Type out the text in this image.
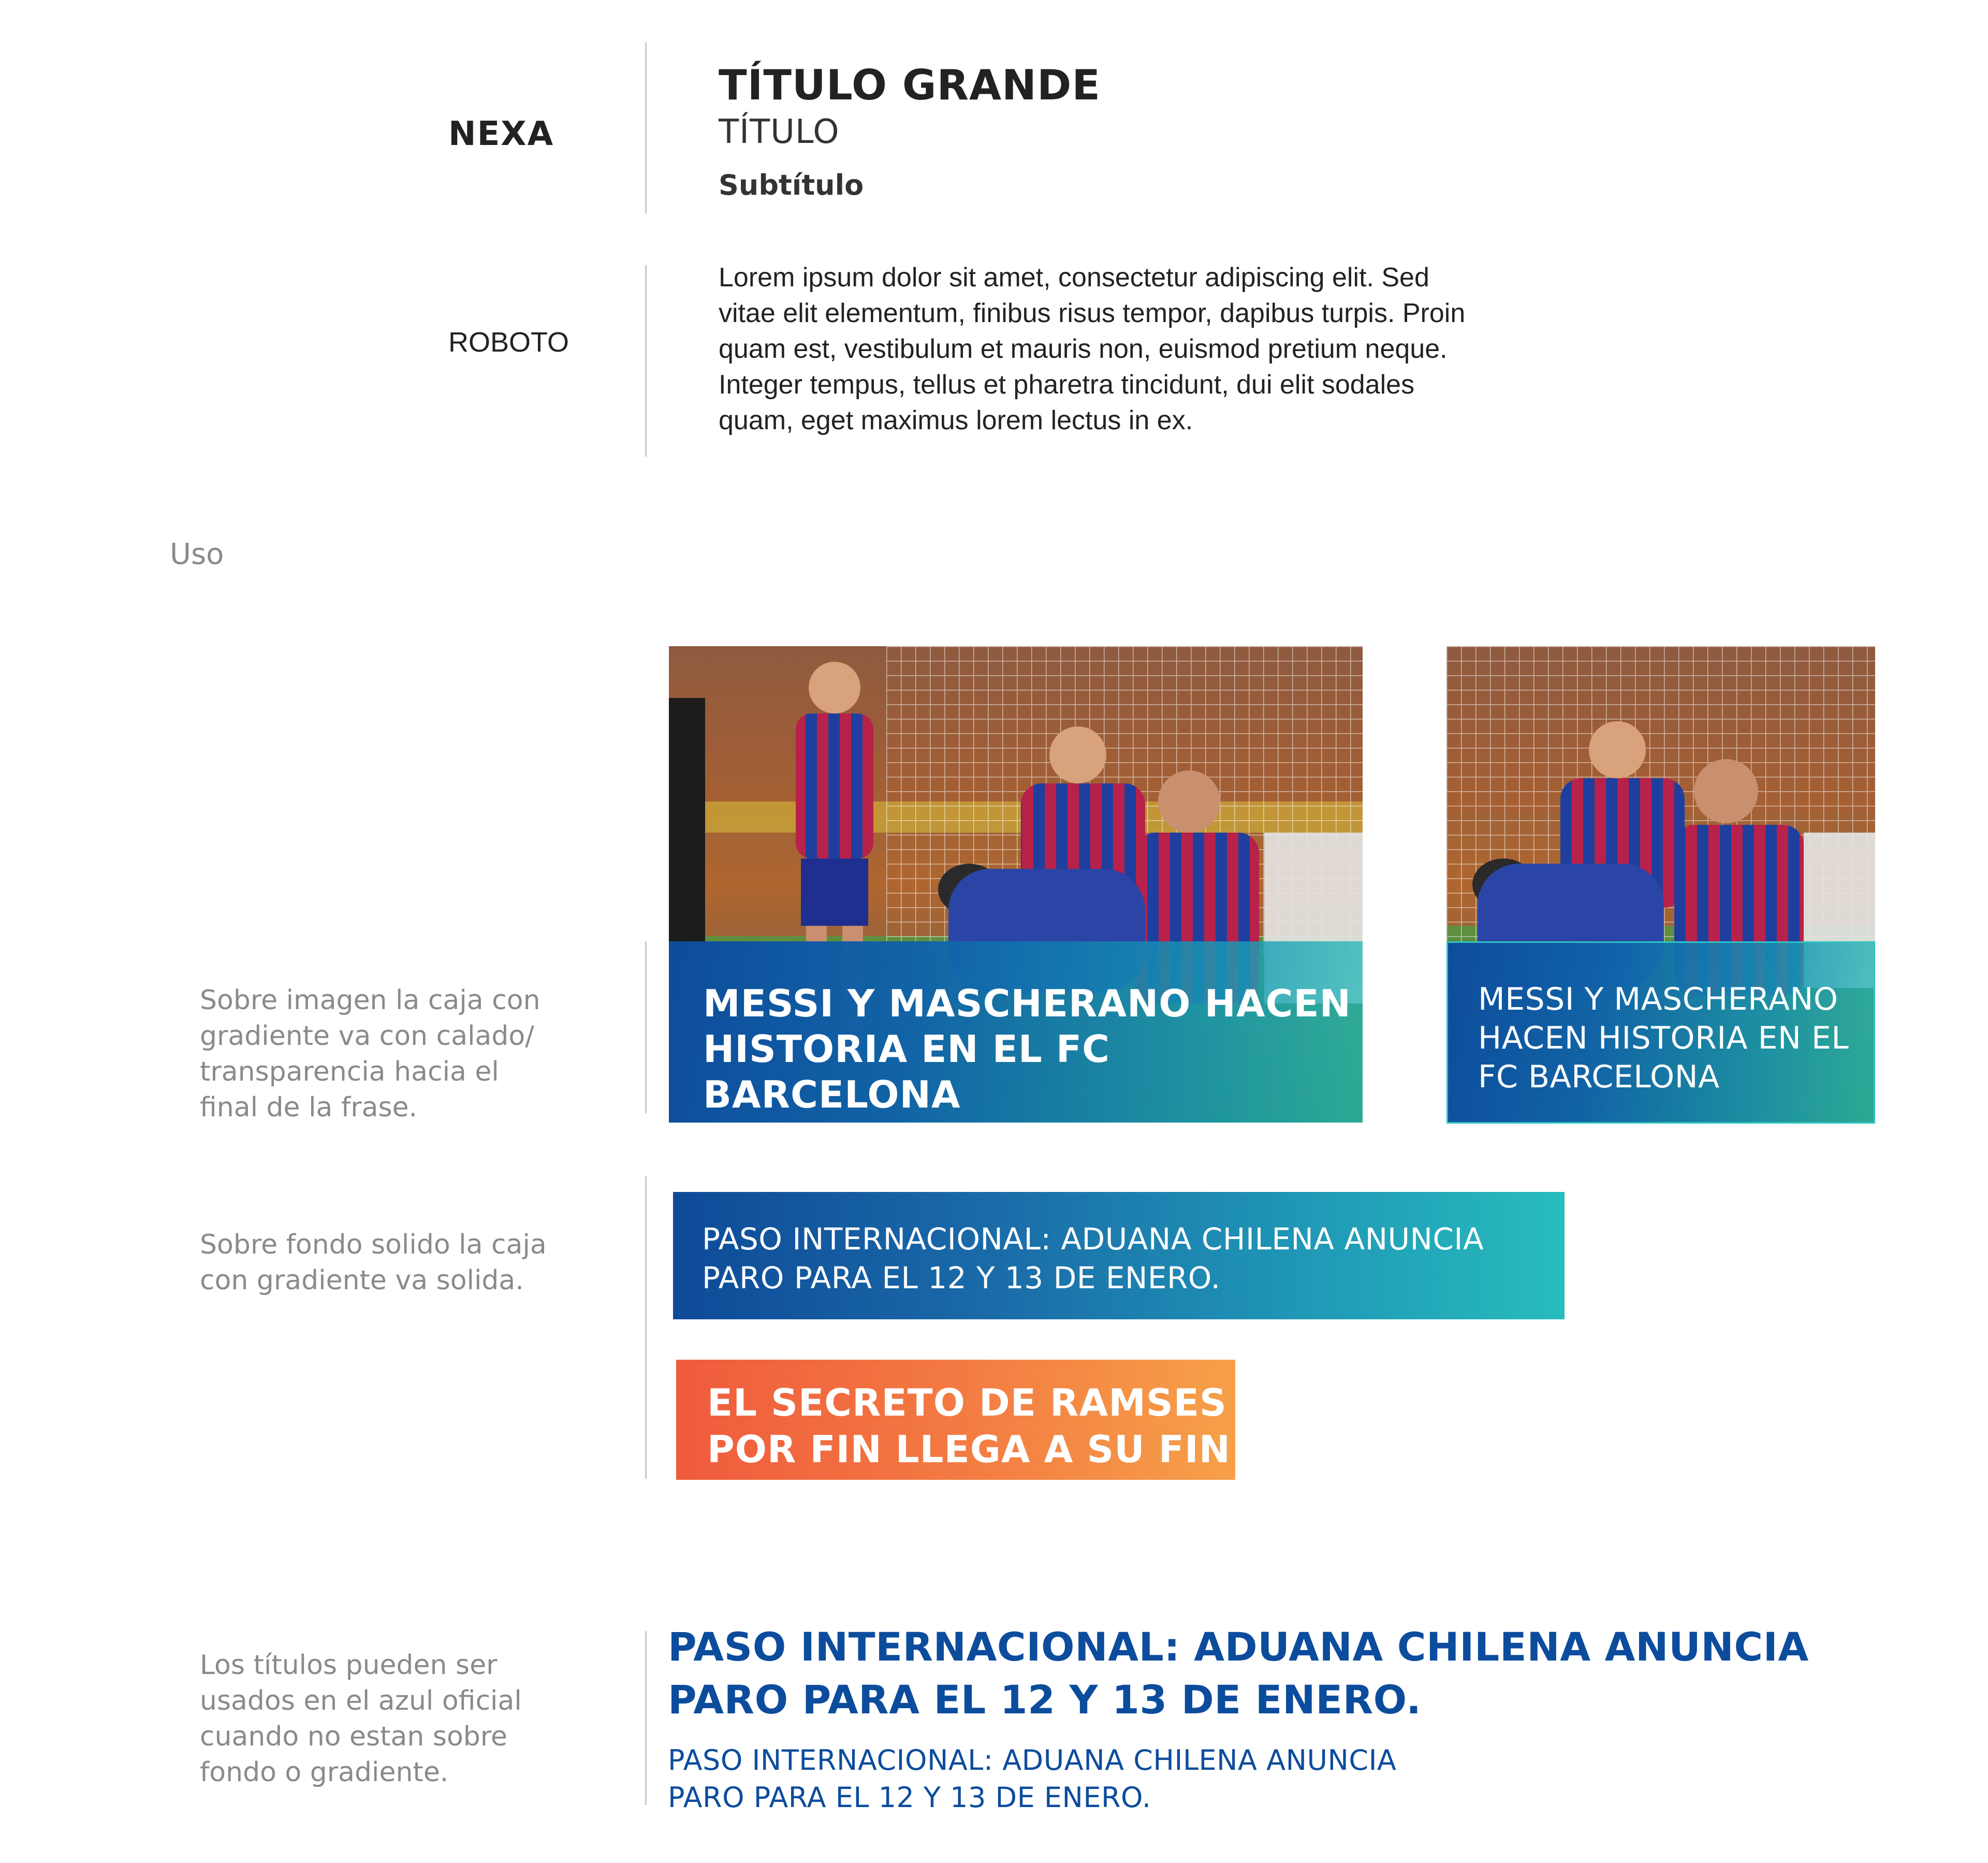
NEXA
TÍTULO GRANDE
TÍTULO
Subtítulo
ROBOTO
Lorem ipsum dolor sit amet, consectetur adipiscing elit. Sed
vitae elit elementum, finibus risus tempor, dapibus turpis. Proin
quam est, vestibulum et mauris non, euismod pretium neque.
Integer tempus, tellus et pharetra tincidunt, dui elit sodales
quam, eget maximus lorem lectus in ex.
Uso
Sobre imagen la caja con
gradiente va con calado/
transparencia hacia el
final de la frase.
MESSI Y MASCHERANO HACEN
HISTORIA EN EL FC BARCELONA
MESSI Y MASCHERANO
HACEN HISTORIA EN EL
FC BARCELONA
Sobre fondo solido la caja
con gradiente va solida.
PASO INTERNACIONAL: ADUANA CHILENA ANUNCIA
PARO PARA EL 12 Y 13 DE ENERO.
EL SECRETO DE RAMSES
POR FIN LLEGA A SU FIN
Los títulos pueden ser
usados en el azul oficial
cuando no estan sobre
fondo o gradiente.
PASO INTERNACIONAL: ADUANA CHILENA ANUNCIA
PARO PARA EL 12 Y 13 DE ENERO.
PASO INTERNACIONAL: ADUANA CHILENA ANUNCIA
PARO PARA EL 12 Y 13 DE ENERO.
